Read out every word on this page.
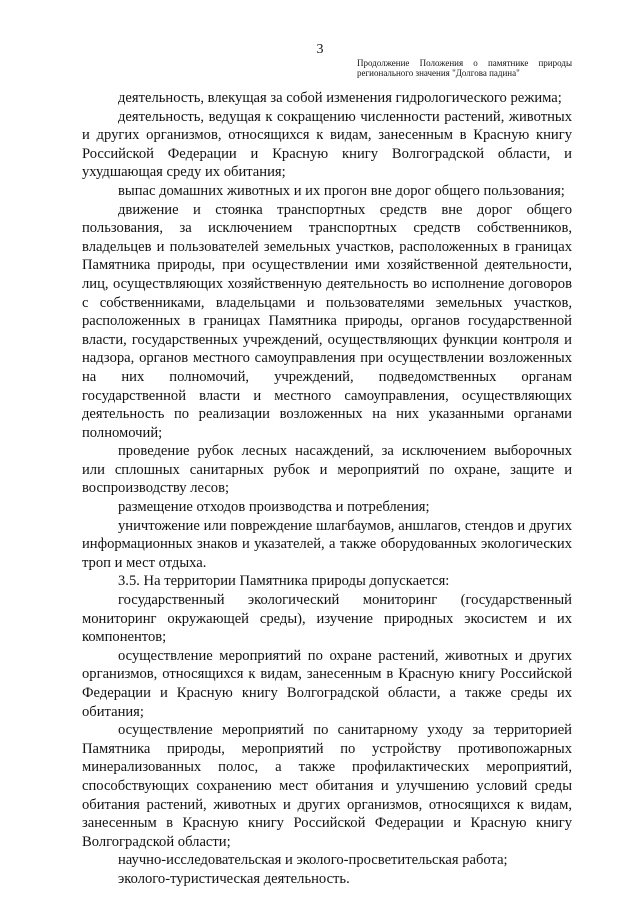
3
Продолжение Положения о памятнике природы
регионального значения "Долгова падина"

деятельность, влекущая за собой изменения гидрологического режима;

деятельность, ведущая к сокращению численности растений, животных и других организмов, относящихся к видам, занесенным в Красную книгу Российской Федерации и Красную книгу Волгоградской области, и ухудшающая среду их обитания;

выпас домашних животных и их прогон вне дорог общего пользования;

движение и стоянка транспортных средств вне дорог общего пользования, за исключением транспортных средств собственников, владельцев и пользователей земельных участков, расположенных в границах Памятника природы, при осуществлении ими хозяйственной деятельности, лиц, осуществляющих хозяйственную деятельность во исполнение договоров с собственниками, владельцами и пользователями земельных участков, расположенных в границах Памятника природы, органов государственной власти, государственных учреждений, осуществляющих функции контроля и надзора, органов местного самоуправления при осуществлении возложенных на них полномочий, учреждений, подведомственных органам государственной власти и местного самоуправления, осуществляющих деятельность по реализации возложенных на них указанными органами полномочий;

проведение рубок лесных насаждений, за исключением выборочных или сплошных санитарных рубок и мероприятий по охране, защите и воспроизводству лесов;

размещение отходов производства и потребления;

уничтожение или повреждение шлагбаумов, аншлагов, стендов и других информационных знаков и указателей, а также оборудованных экологических троп и мест отдыха.

3.5. На территории Памятника природы допускается:

государственный экологический мониторинг (государственный мониторинг окружающей среды), изучение природных экосистем и их компонентов;

осуществление мероприятий по охране растений, животных и других организмов, относящихся к видам, занесенным в Красную книгу Российской Федерации и Красную книгу Волгоградской области, а также среды их обитания;

осуществление мероприятий по санитарному уходу за территорией Памятника природы, мероприятий по устройству противопожарных минерализованных полос, а также профилактических мероприятий, способствующих сохранению мест обитания и улучшению условий среды обитания растений, животных и других организмов, относящихся к видам, занесенным в Красную книгу Российской Федерации и Красную книгу Волгоградской области;

научно-исследовательская и эколого-просветительская работа;

эколого-туристическая деятельность.
